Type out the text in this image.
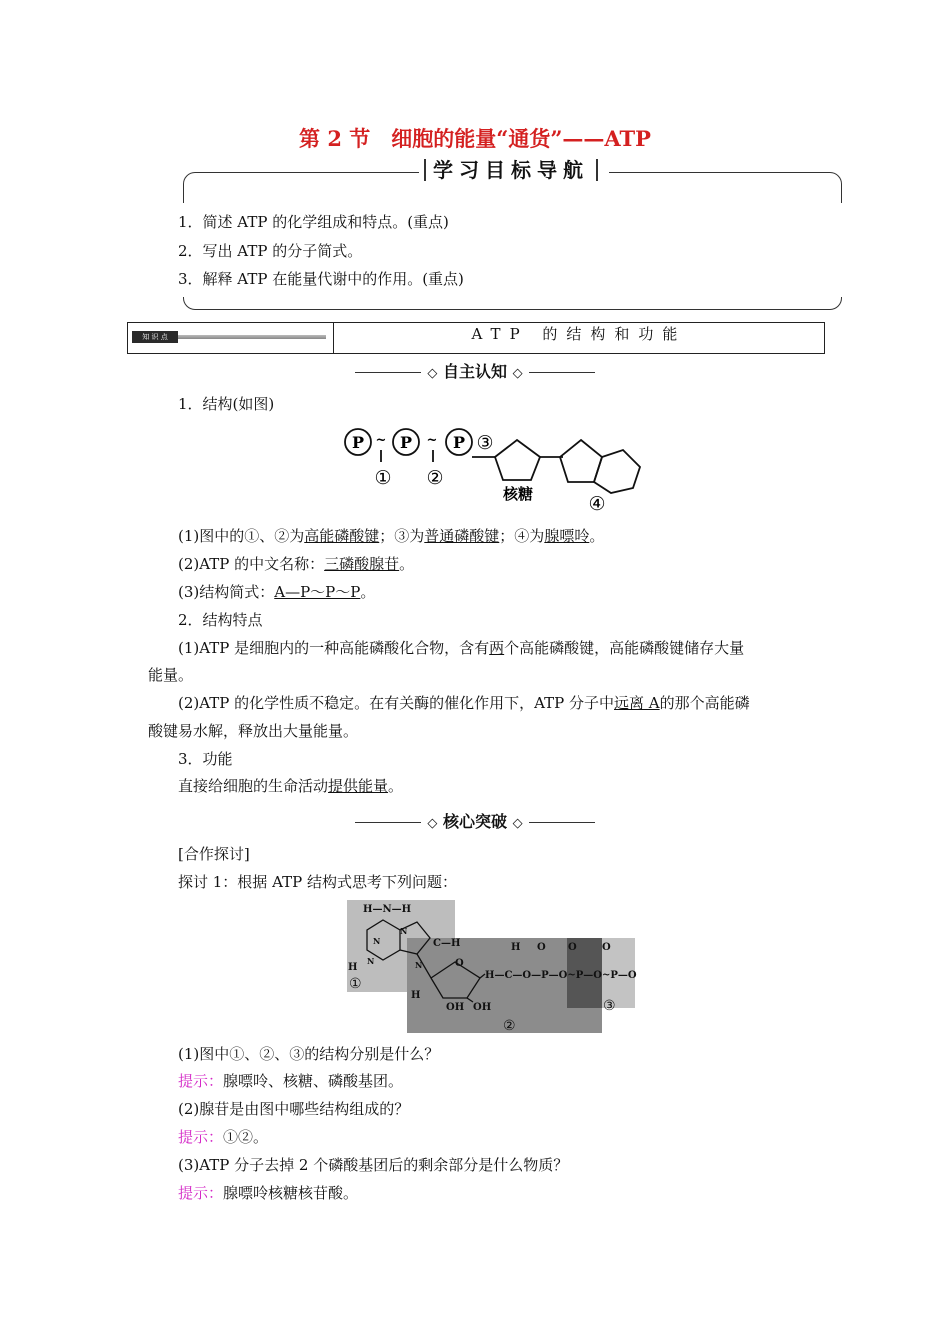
第 2 节　细胞的能量“通货”——ATP
学习目标导航
1．简述 ATP 的化学组成和特点。(重点)
2．写出 ATP 的分子简式。
3．解释 ATP 在能量代谢中的作用。(重点)
知 识 点	ATP 的结构和功能
◇ 自主认知 ◇
1．结构(如图)
P ~ P ~ P ③
① ②
核糖	④
(1)图中的①、②为高能磷酸键；③为普通磷酸键；④为腺嘌呤。
(2)ATP 的中文名称：三磷酸腺苷。
(3)结构简式：A—P～P～P。
2．结构特点
(1)ATP 是细胞内的一种高能磷酸化合物，含有两个高能磷酸键，高能磷酸键储存大量
能量。
(2)ATP 的化学性质不稳定。在有关酶的催化作用下，ATP 分子中远离 A的那个高能磷
酸键易水解，释放出大量能量。
3．功能
直接给细胞的生命活动提供能量。
◇ 核心突破 ◇
[合作探讨]
探讨 1：根据 ATP 结构式思考下列问题：
H—N—H
N
N
C—H
H
N	N	O
OH OH
H
H—C—O—P—O~P—O~P—O
H O O	O
①
②
③
(1)图中①、②、③的结构分别是什么？
提示：腺嘌呤、核糖、磷酸基团。
(2)腺苷是由图中哪些结构组成的？
提示：①②。
(3)ATP 分子去掉 2 个磷酸基团后的剩余部分是什么物质？
提示：腺嘌呤核糖核苷酸。
